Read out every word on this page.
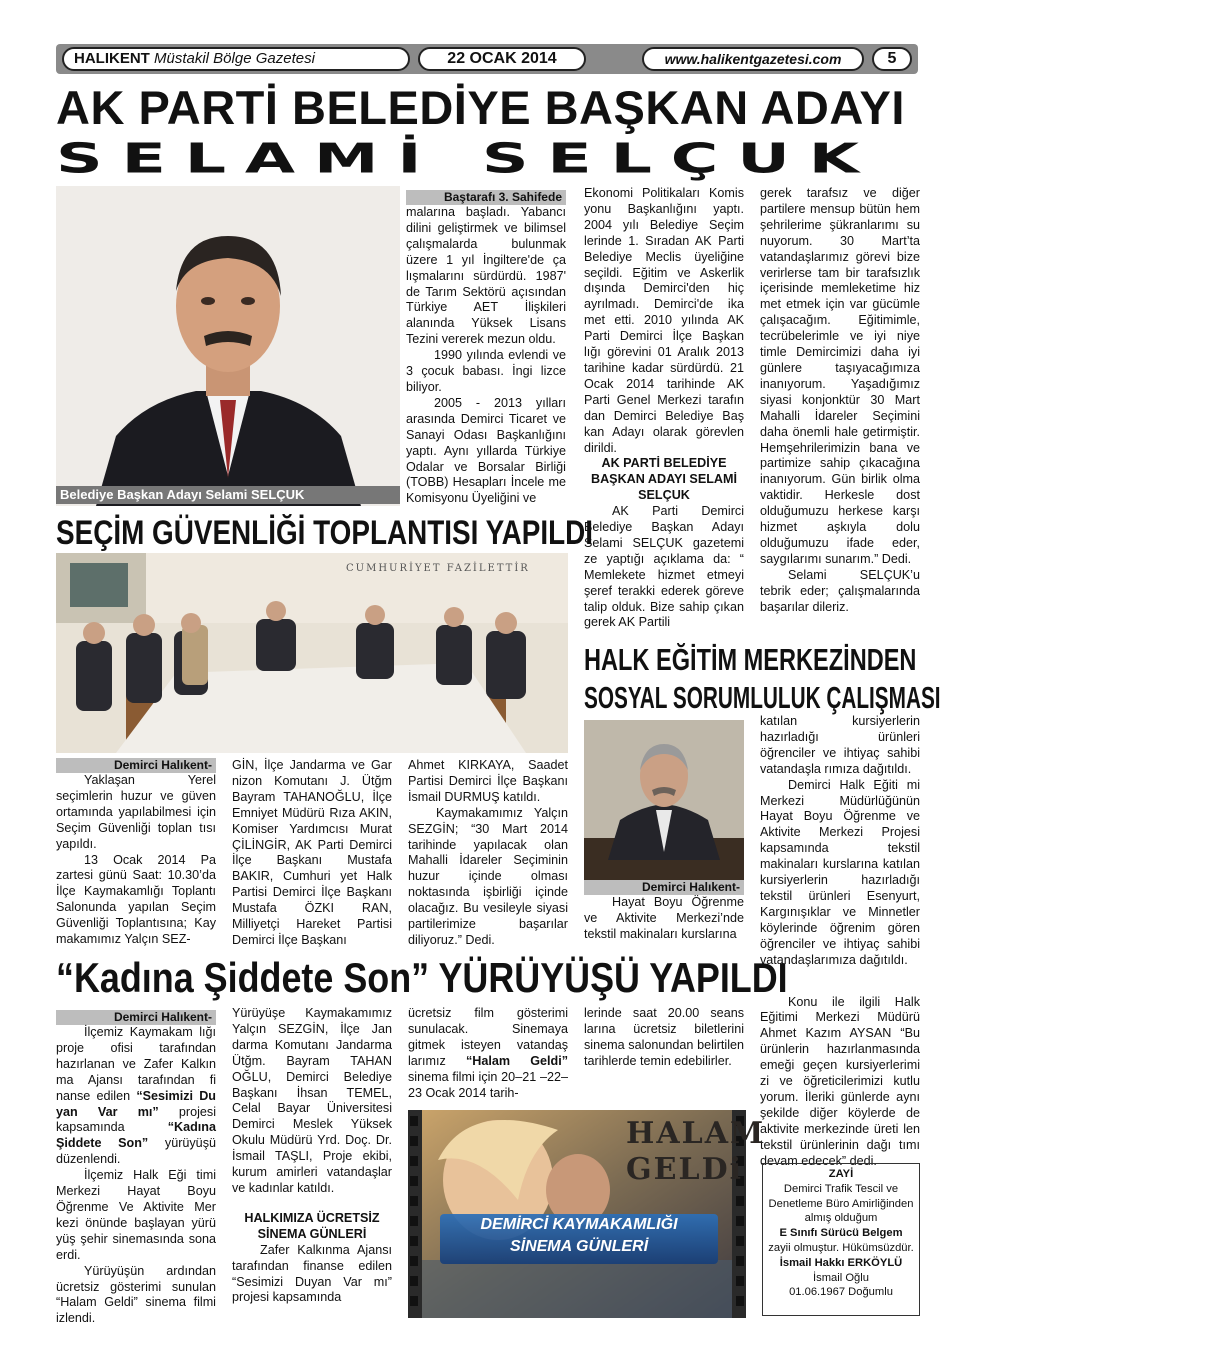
HALIKENT Müstakil Bölge Gazetesi	22 OCAK 2014	www.halikentgazetesi.com	5
AK PARTİ BELEDİYE BAŞKAN ADAYI
SELAMİ SELÇUK
Belediye Başkan Adayı Selami SELÇUK
Baştarafı 3. Sahifede

malarına başladı. Yabancı dilini geliştirmek ve bilimsel çalışmalarda bulunmak üzere 1 yıl İngiltere'de ça lışmalarını sürdürdü. 1987' de Tarım Sektörü açısından Türkiye AET İlişkileri alanında Yüksek Lisans Tezini vererek mezun oldu.

1990 yılında evlendi ve 3 çocuk babası. İngi lizce biliyor.

2005 - 2013 yılları arasında Demirci Ticaret ve Sanayi Odası Başkanlığını yaptı. Aynı yıllarda Türkiye Odalar ve Borsalar Birliği (TOBB) Hesapları İncele me Komisyonu Üyeliğini ve

Ekonomi Politikaları Komis yonu Başkanlığını yaptı. 2004 yılı Belediye Seçim lerinde 1. Sıradan AK Parti Belediye Meclis üyeliğine seçildi. Eğitim ve Askerlik dışında Demirci'den hiç ayrılmadı. Demirci'de ika met etti. 2010 yılında AK Parti Demirci İlçe Başkan lığı görevini 01 Aralık 2013 tarihine kadar sürdürdü. 21 Ocak 2014 tarihinde AK Parti Genel Merkezi tarafın dan Demirci Belediye Baş kan Adayı olarak görevlen dirildi.

AK PARTİ BELEDİYE BAŞKAN ADAYI SELAMİ SELÇUK

AK Parti Demirci Belediye Başkan Adayı Selami SELÇUK gazetemi ze yaptığı açıklama da: “ Memlekete hizmet etmeyi şeref terakki ederek göreve talip olduk. Bize sahip çıkan gerek AK Partili

gerek tarafsız ve diğer partilere mensup bütün hem şehrilerime şükranlarımı su nuyorum. 30 Mart’ta vatandaşlarımız görevi bize verirlerse tam bir tarafsızlık içerisinde memleketime hiz met etmek için var gücümle çalışacağım. Eğitimimle, tecrübelerimle ve iyi niye timle Demircimizi daha iyi günlere taşıyacağımıza inanıyorum. Yaşadığımız siyasi konjonktür 30 Mart Mahalli İdareler Seçimini daha önemli hale getirmiştir. Hemşehrilerimizin bana ve partimize sahip çıkacağına inanıyorum. Gün birlik olma vaktidir. Herkesle dost olduğumuzu herkese karşı hizmet aşkıyla dolu olduğumuzu ifade eder, saygılarımı sunarım.” Dedi.

Selami SELÇUK’u tebrik eder; çalışmalarında başarılar dileriz.

SEÇİM GÜVENLİĞİ TOPLANTISI YAPILDI
CUMHURİYET FAZİLETTİR
Demirci Halıkent-

Yaklaşan Yerel seçimlerin huzur ve güven ortamında yapılabilmesi için Seçim Güvenliği toplan tısı yapıldı.

13 Ocak 2014 Pa zartesi günü Saat: 10.30’da İlçe Kaymakamlığı Toplantı Salonunda yapılan Seçim Güvenliği Toplantısına; Kay makamımız Yalçın SEZ-

GİN, İlçe Jandarma ve Gar nizon Komutanı J. Ütğm Bayram TAHANOĞLU, İlçe Emniyet Müdürü Rıza AKIN, Komiser Yardımcısı Murat ÇİLİNGİR, AK Parti Demirci İlçe Başkanı Mustafa BAKIR, Cumhuri yet Halk Partisi Demirci İlçe Başkanı Mustafa ÖZKI RAN, Milliyetçi Hareket Partisi Demirci İlçe Başkanı

Ahmet KIRKAYA, Saadet Partisi Demirci İlçe Başkanı İsmail DURMUŞ katıldı.

Kaymakamımız Yalçın SEZGİN; “30 Mart 2014 tarihinde yapılacak olan Mahalli İdareler Seçiminin huzur içinde olması noktasında işbirliği içinde olacağız. Bu vesileyle siyasi partilerimize başarılar diliyoruz.” Dedi.

HALK EĞİTİM MERKEZİNDEN
SOSYAL SORUMLULUK ÇALIŞMASI
Demirci Halıkent-

Hayat Boyu Öğrenme ve Aktivite Merkezi’nde tekstil makinaları kurslarına

katılan kursiyerlerin hazırladığı ürünleri öğrenciler ve ihtiyaç sahibi vatandaşla rımıza dağıtıldı.

Demirci Halk Eğiti mi Merkezi Müdürlüğünün Hayat Boyu Öğrenme ve Aktivite Merkezi Projesi kapsamında tekstil makinaları kurslarına katılan kursiyerlerin hazırladığı tekstil ürünleri Esenyurt, Kargınışıklar ve Minnetler köylerinde öğrenim gören öğrenciler ve ihtiyaç sahibi vatandaşlarımıza dağıtıldı.

Konu ile ilgili Halk Eğitimi Merkezi Müdürü Ahmet Kazım AYSAN “Bu ürünlerin hazırlanmasında emeği geçen kursiyerlerimi zi ve öğreticilerimizi kutlu yorum. İleriki günlerde aynı şekilde diğer köylerde de aktivite merkezinde üreti len tekstil ürünlerinin dağı tımı devam edecek” dedi.

“Kadına Şiddete Son” YÜRÜYÜŞÜ YAPILDI
Demirci Halıkent-

İlçemiz Kaymakam lığı proje ofisi tarafından hazırlanan ve Zafer Kalkın ma Ajansı tarafından fi nanse edilen “Sesimizi Du yan Var mı” projesi kapsamında	“Kadına Şiddete Son” yürüyüşü düzenlendi.

İlçemiz Halk Eği timi Merkezi Hayat Boyu Öğrenme Ve Aktivite Mer kezi önünde başlayan yürü yüş şehir sinemasında sona erdi.

Yürüyüşün ardından ücretsiz gösterimi sunulan “Halam Geldi” sinema filmi izlendi.

Yürüyüşe Kaymakamımız Yalçın SEZGİN, İlçe Jan darma Komutanı Jandarma Ütğm. Bayram TAHAN OĞLU, Demirci Belediye Başkanı İhsan TEMEL, Celal Bayar Üniversitesi Demirci Meslek Yüksek Okulu Müdürü Yrd. Doç. Dr. İsmail TAŞLI, Proje ekibi, kurum amirleri vatandaşlar ve kadınlar katıldı.

HALKIMIZA ÜCRETSİZ SİNEMA GÜNLERİ

Zafer Kalkınma Ajansı tarafından finanse edilen “Sesimizi Duyan Var mı” projesi kapsamında

ücretsiz film gösterimi sunulacak. Sinemaya gitmek isteyen vatandaş larımız “Halam Geldi” sinema filmi için 20–21 –22–23 Ocak 2014 tarih-

lerinde saat 20.00 seans larına ücretsiz biletlerini sinema salonundan belirtilen tarihlerde temin edebilirler.

HALAM
GELDi
DEMİRCİ KAYMAKAMLIĞI
SİNEMA GÜNLERİ
ZAYİ
Demirci Trafik Tescil ve Denetleme Büro Amirliğinden almış olduğum
E Sınıfı Sürücü Belgem
zayii olmuştur. Hükümsüzdür.
İsmail Hakkı ERKÖYLÜ
İsmail Oğlu
01.06.1967 Doğumlu
